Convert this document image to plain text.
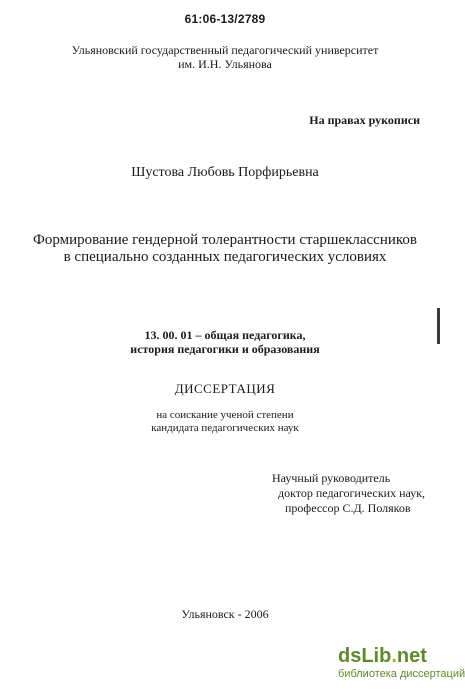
61:06-13/2789
Ульяновский государственный педагогический университет
им. И.Н. Ульянова
На правах рукописи
Шустова Любовь Порфирьевна
Формирование гендерной толерантности старшеклассников
в специально созданных педагогических условиях
13. 00. 01 – общая педагогика,
история педагогики и образования
ДИССЕРТАЦИЯ
на соискание ученой степени
кандидата педагогических наук
Научный руководитель
доктор педагогических наук,
профессор С.Д. Поляков
Ульяновск - 2006
dsLib.net
библиотека диссертаций
